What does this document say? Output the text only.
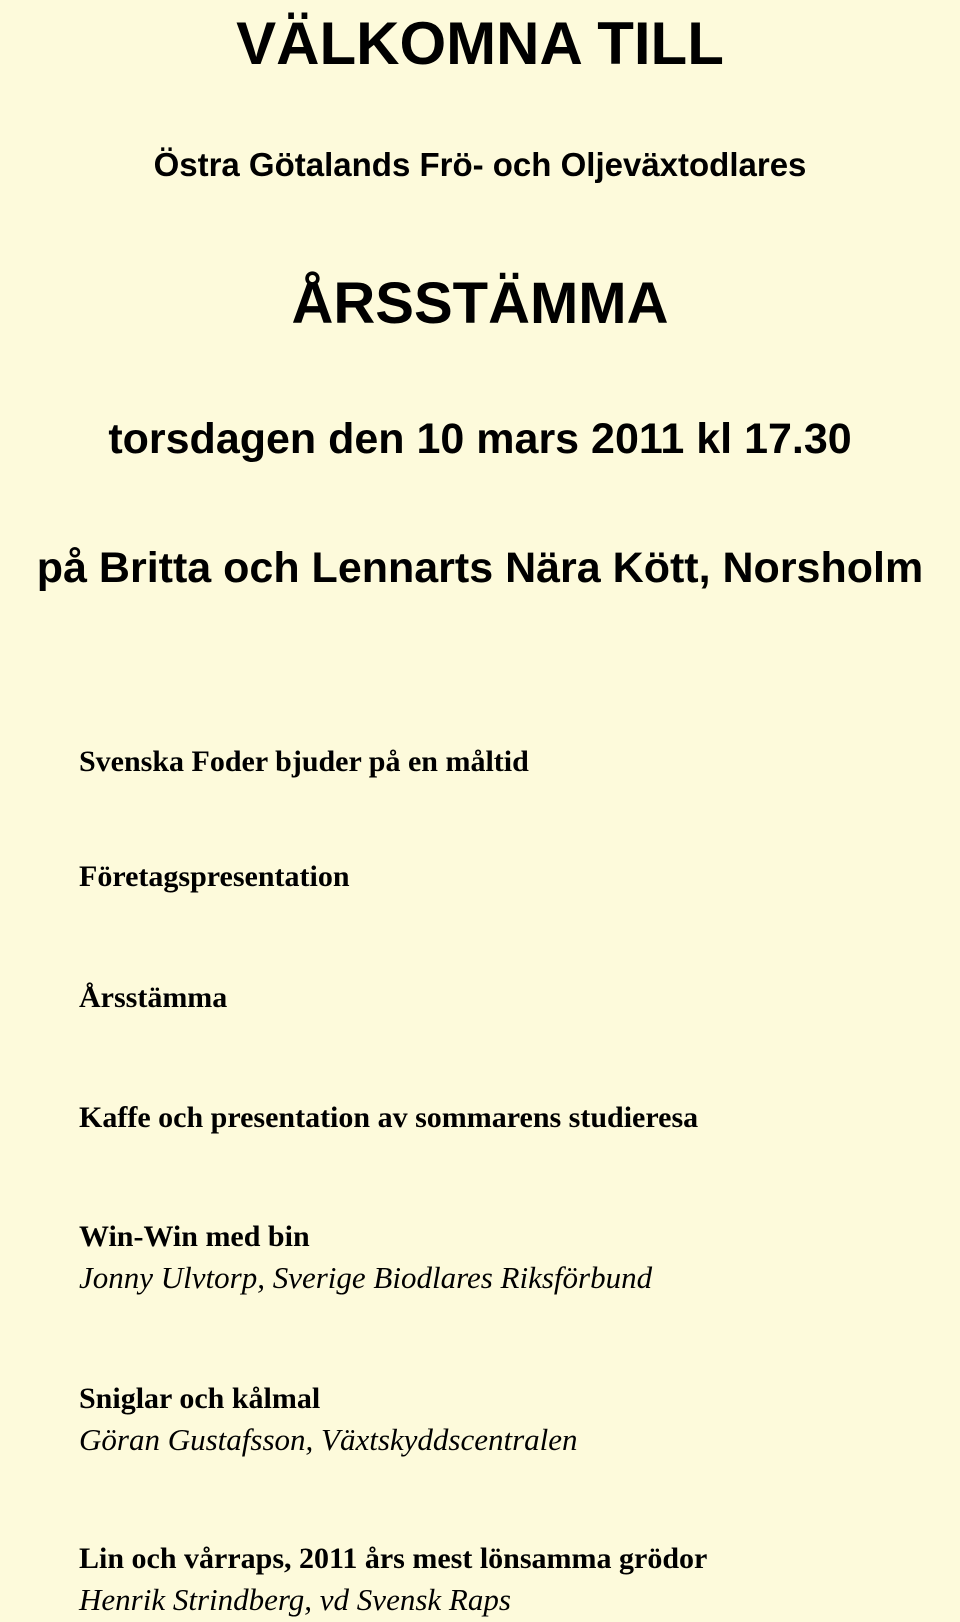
VÄLKOMNA TILL
Östra Götalands Frö- och Oljeväxtodlares
ÅRSSTÄMMA
torsdagen den 10 mars 2011 kl 17.30
på Britta och Lennarts Nära Kött, Norsholm
Svenska Foder bjuder på en måltid
Företagspresentation
Årsstämma
Kaffe och presentation av sommarens studieresa
Win-Win med bin
Jonny Ulvtorp, Sverige Biodlares Riksförbund
Sniglar och kålmal
Göran Gustafsson, Växtskyddscentralen
Lin och vårraps, 2011 års mest lönsamma grödor
Henrik Strindberg, vd Svensk Raps
